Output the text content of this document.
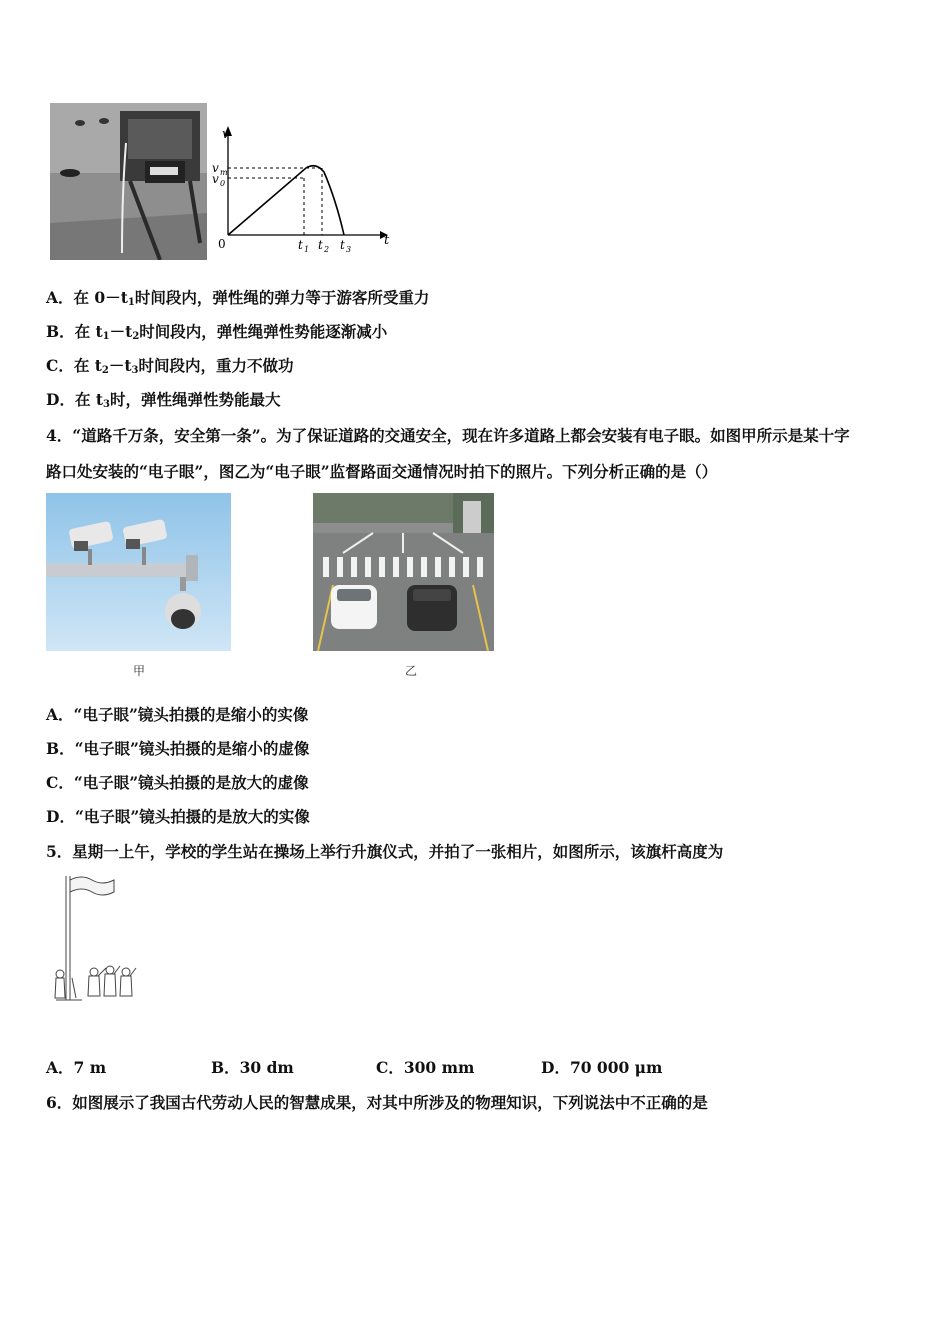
v
t
0
v m
v 0
t 1 t 2 t 3
A．在 $0-t_1$时间段内，弹性绳的弹力等于游客所受重力
B．在 $t_1-t_2$时间段内，弹性绳弹性势能逐渐减小
C．在 $t_2-t_3$时间段内，重力不做功
D．在 $t_3$时，弹性绳弹性势能最大
4．“道路千万条，安全第一条”。为了保证道路的交通安全，现在许多道路上都会安装有电子眼。如图甲所示是某十字
路口处安装的“电子眼”，图乙为“电子眼”监督路面交通情况时拍下的照片。下列分析正确的是（）
甲	乙
A．“电子眼”镜头拍摄的是缩小的实像
B．“电子眼”镜头拍摄的是缩小的虚像
C．“电子眼”镜头拍摄的是放大的虚像
D．“电子眼”镜头拍摄的是放大的实像
5．星期一上午，学校的学生站在操场上举行升旗仪式，并拍了一张相片，如图所示，该旗杆高度为
A．7 m	B．30 dm	C．300 mm	D．70 000 μm
6．如图展示了我国古代劳动人民的智慧成果，对其中所涉及的物理知识，下列说法中不正确的是
